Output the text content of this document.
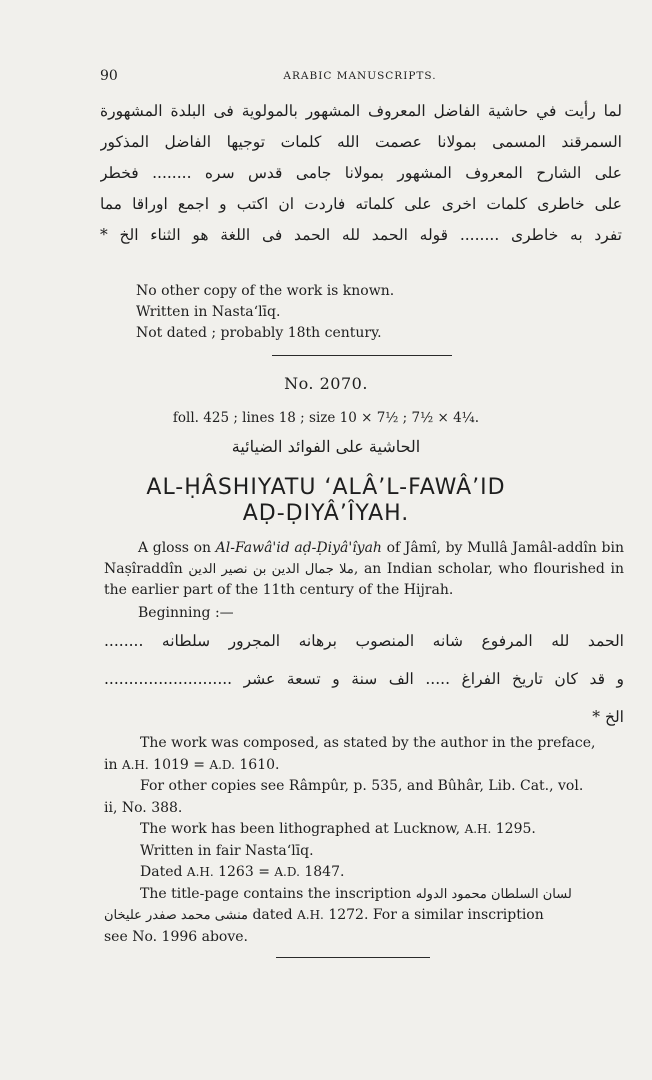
90	ARABIC MANUSCRIPTS.
لما رأيت في حاشية الفاضل المعروف المشهور بالمولوية فى البلدة المشهورة
السمرقند المسمى بمولانا عصمت الله كلمات توجيها الفاضل المذكور
على الشارح المعروف المشهور بمولانا جامى قدس سره ........ فخطر
على خاطرى كلمات اخرى على كلماته فاردت ان اكتب و اجمع اوراقا مما
تفرد به خاطرى ........ قوله الحمد لله الحمد فى اللغة هو الثناء الخ *
No other copy of the work is known.
Written in Nasta‘līq.
Not dated ; probably 18th century.
No. 2070.
foll. 425 ; lines 18 ; size 10 × 7½ ; 7½ × 4¼.
الحاشية على الفوائد الضيائية
AL-ḤÂSHIYATU ‘ALÂ’L-FAWÂ’ID
AḌ-ḌIYÂ’ÎYAH.

A gloss on Al-Fawâ'id aḍ-Ḍiyâ'îyah of Jâmî, by Mullâ Jamâl-addîn bin Naṣîraddîn ملا جمال الدين بن نصير الدين, an Indian scholar, who flourished in the earlier part of the 11th century of the Hijrah.

Beginning :—

الحمد لله المرفوع شانه المنصوب برهانه المجرور سلطانه ........
و قد كان تاريخ الفراغ ..... الف سنة و تسعة عشر ..........................
الخ *
The work was composed, as stated by the author in the preface,
in A.H. 1019 = A.D. 1610.
For other copies see Râmpûr, p. 535, and Bûhâr, Lib. Cat., vol.
ii, No. 388.
The work has been lithographed at Lucknow, A.H. 1295.
Written in fair Nasta‘līq.
Dated A.H. 1263 = A.D. 1847.
The title-page contains the inscription لسان السلطان محمود الدوله
منشى محمد صفدر عليخان dated A.H. 1272. For a similar inscription
see No. 1996 above.
